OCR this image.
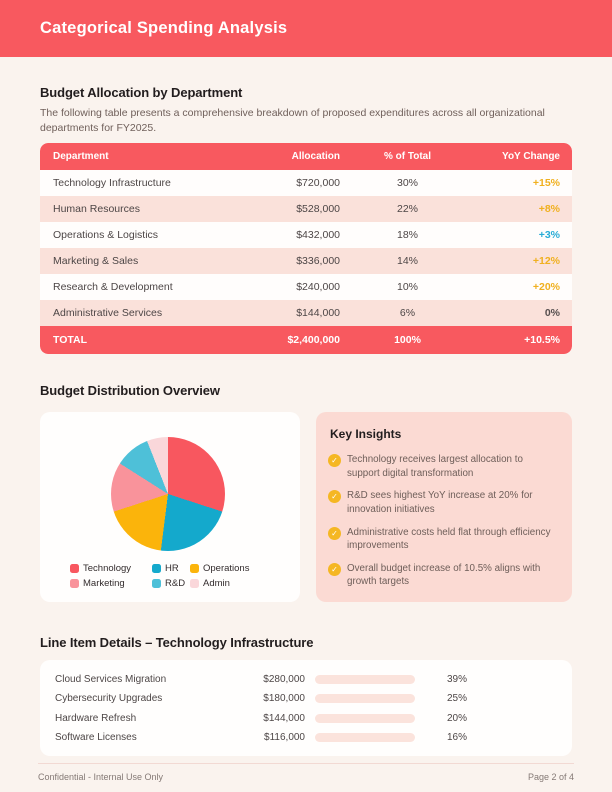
Categorical Spending Analysis
Budget Allocation by Department

The following table presents a comprehensive breakdown of proposed expenditures across all organizational departments for FY2025.

Department	Allocation	% of Total	YoY Change
Technology Infrastructure	$720,000	30%	+15%
Human Resources	$528,000	22%	+8%
Operations & Logistics	$432,000	18%	+3%
Marketing & Sales	$336,000	14%	+12%
Research & Development	$240,000	10%	+20%
Administrative Services	$144,000	6%	0%
TOTAL	$2,400,000	100%	+10.5%
Budget Distribution Overview
Technology	HR	Operations
Marketing	R&D Admin
Key Insights
✓ Technology receives largest allocation to support digital transformation
✓ R&D sees highest YoY increase at 20% for innovation initiatives
✓ Administrative costs held flat through efficiency improvements
✓ Overall budget increase of 10.5% aligns with growth targets
Line Item Details – Technology Infrastructure
Cloud Services Migration	$280,000	39%
Cybersecurity Upgrades	$180,000	25%
Hardware Refresh	$144,000	20%
Software Licenses	$116,000	16%
Confidential - Internal Use Only	Page 2 of 4
